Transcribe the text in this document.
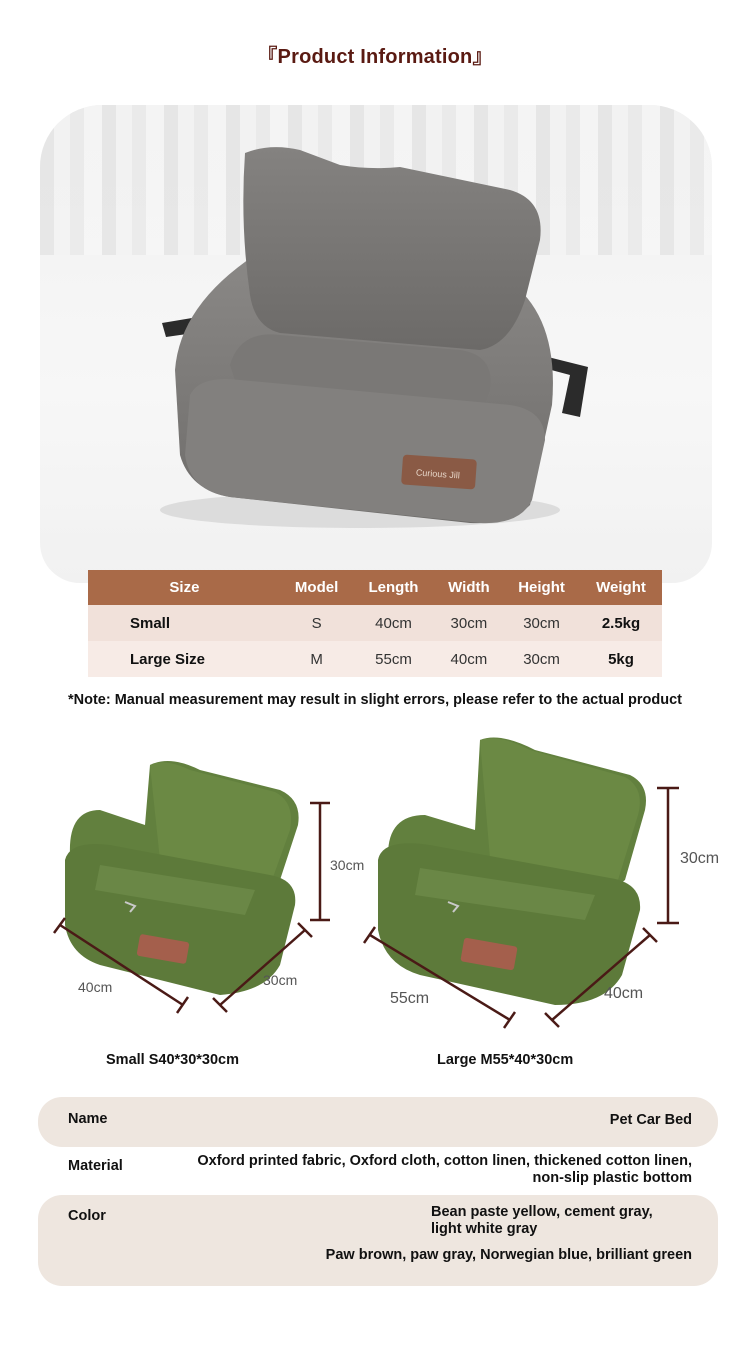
『Product Information』
Curious Jill
Size	Model	Length	Width	Height	Weight
Small	S	40cm	30cm	30cm	2.5kg
Large Size	M	55cm	40cm	30cm	5kg
*Note: Manual measurement may result in slight errors, please refer to the actual product
30cm
40cm	30cm
Small S40*30*30cm
30cm
55cm	40cm
Large M55*40*30cm
Name	Pet Car Bed
Material	Oxford printed fabric, Oxford cloth, cotton linen, thickened cotton linen,
non-slip plastic bottom
Color	Bean paste yellow, cement gray,
light white gray
Paw brown, paw gray, Norwegian blue, brilliant green
